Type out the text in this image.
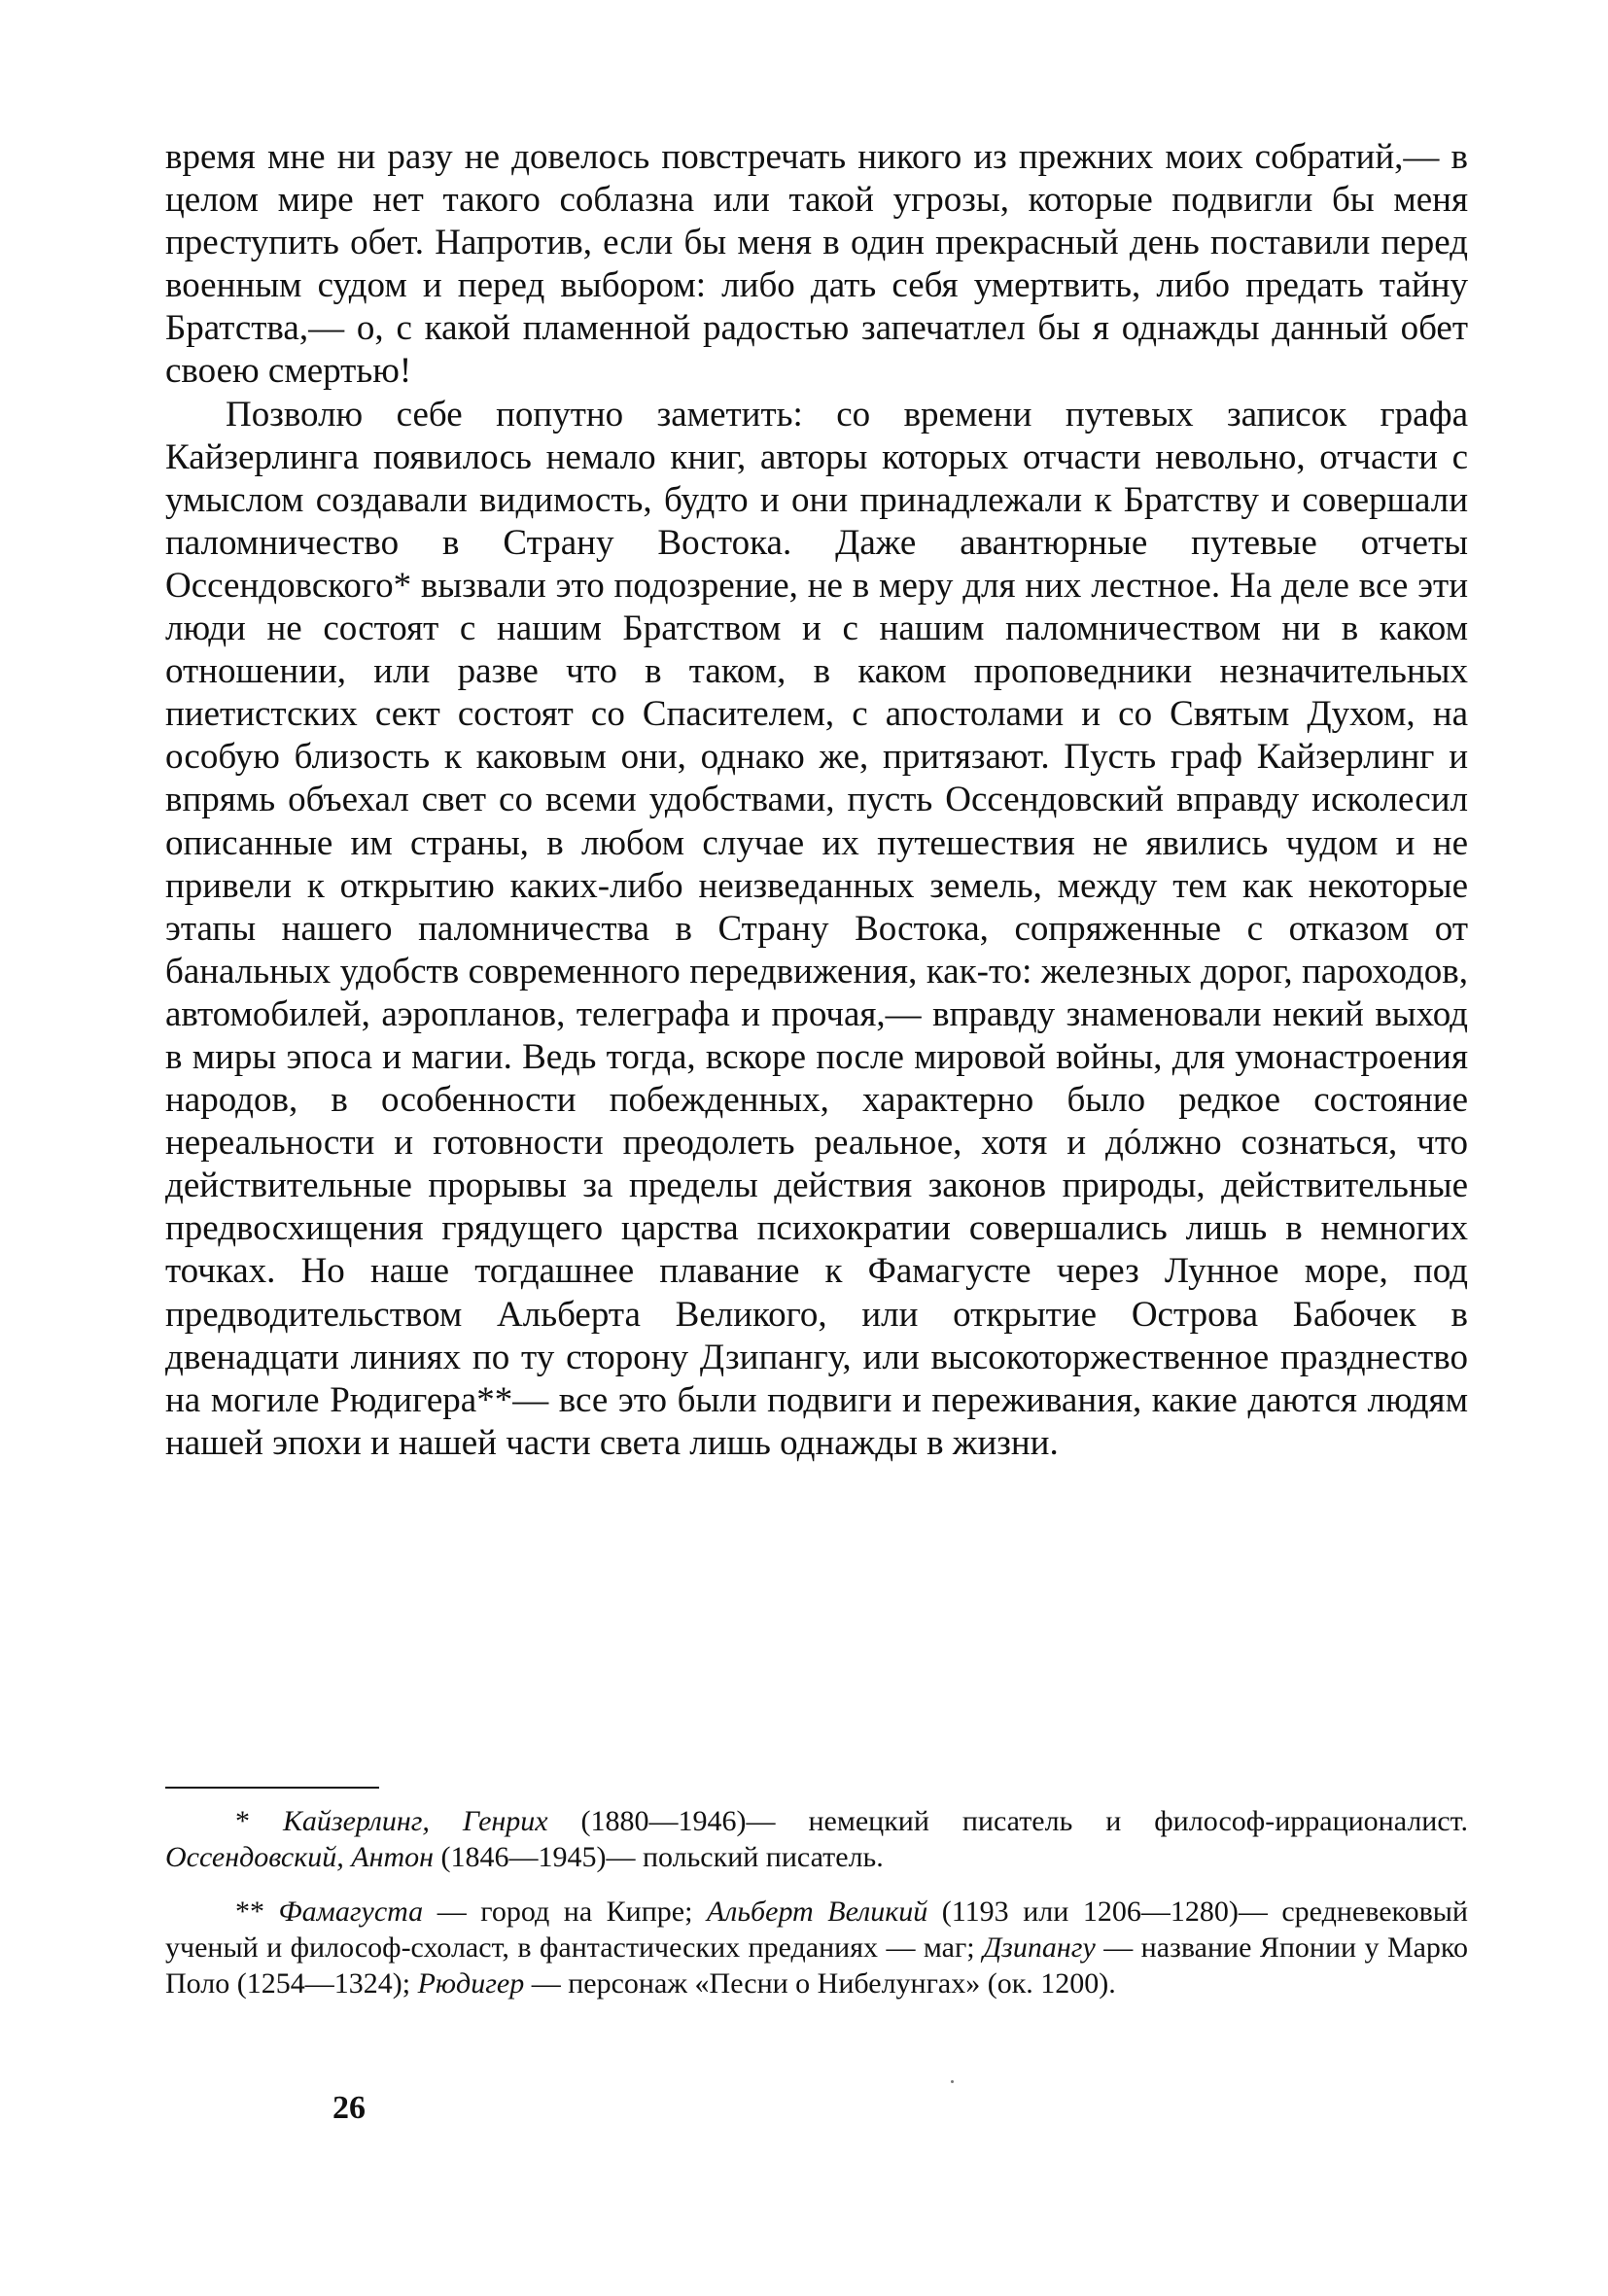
время мне ни разу не довелось повстречать никого из прежних моих собратий,— в целом мире нет такого соблазна или такой угрозы, которые подвигли бы меня преступить обет. Напротив, если бы меня в один прекрасный день поставили перед военным судом и перед выбором: либо дать себя умертвить, либо предать тайну Братства,— о, с какой пламенной радостью запечатлел бы я однажды данный обет своею смертью!

Позволю себе попутно заметить: со времени путевых записок графа Кайзерлинга появилось немало книг, авторы которых отчасти невольно, отчасти с умыслом создавали видимость, будто и они принадлежали к Братству и совершали паломничество в Страну Востока. Даже авантюрные путевые отчеты Оссендовского* вызвали это подозрение, не в меру для них лестное. На деле все эти люди не состоят с нашим Братством и с нашим паломничеством ни в каком отношении, или разве что в таком, в каком проповедники незначительных пиетистских сект состоят со Спасителем, с апостолами и со Святым Духом, на особую близость к каковым они, однако же, притязают. Пусть граф Кайзерлинг и впрямь объехал свет со всеми удобствами, пусть Оссендовский вправду исколесил описанные им страны, в любом случае их путешествия не явились чудом и не привели к открытию каких-либо неизведанных земель, между тем как некоторые этапы нашего паломничества в Страну Востока, сопряженные с отказом от банальных удобств современного передвижения, как-то: железных дорог, пароходов, автомобилей, аэропланов, телеграфа и прочая,— вправду знаменовали некий выход в миры эпоса и магии. Ведь тогда, вскоре после мировой войны, для умонастроения народов, в особенности побежденных, характерно было редкое состояние нереальности и готовности преодолеть реальное, хотя и дóлжно сознаться, что действительные прорывы за пределы действия законов природы, действительные предвосхищения грядущего царства психократии совершались лишь в немногих точках. Но наше тогдашнее плавание к Фамагусте через Лунное море, под предводительством Альберта Великого, или открытие Острова Бабочек в двенадцати линиях по ту сторону Дзипангу, или высокоторжественное празднество на могиле Рюдигера**— все это были подвиги и переживания, какие даются людям нашей эпохи и нашей части света лишь однажды в жизни.

* Кайзерлинг, Генрих (1880—1946)— немецкий писатель и философ-иррационалист. Оссендовский, Антон (1846—1945)— польский писатель.

** Фамагуста — город на Кипре; Альберт Великий (1193 или 1206—1280)— средневековый ученый и философ-схоласт, в фантастических преданиях — маг; Дзипангу — название Японии у Марко Поло (1254—1324); Рюдигер — персонаж «Песни о Нибелунгах» (ок. 1200).

26
